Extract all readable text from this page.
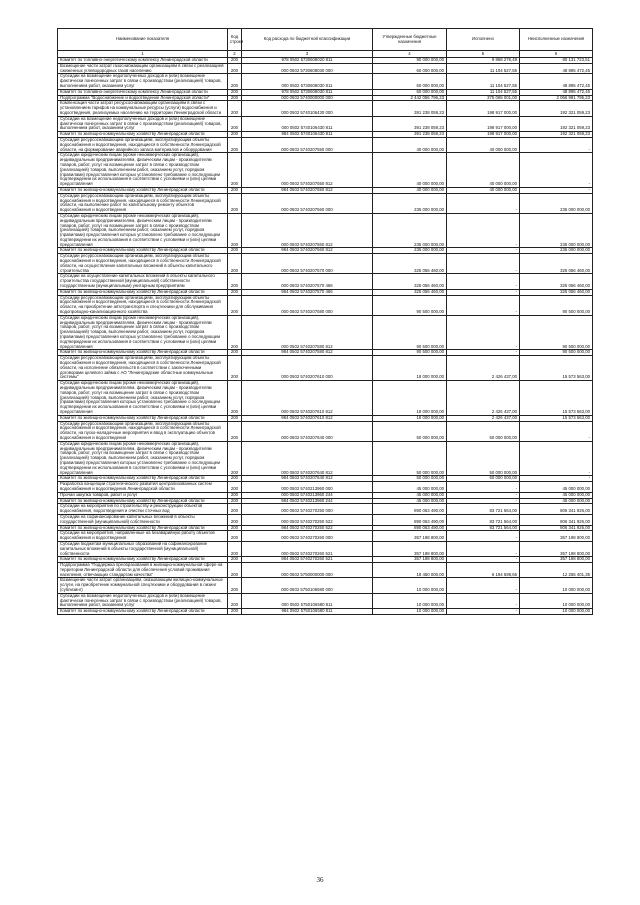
Наименование показателя	Код строки	Код расхода по бюджетной классификации	Утвержденные бюджетные назначения	Исполнено	Неисполненные назначения
1	2	3	4	5	6
Комитет по топливно-энергетическому комплексу Ленинградской области	200	978 0502 5730608020 811	90 000 000,00	9 868 276,49	80 131 723,51
Возмещение части затрат газоснабжающим организациям в связи с реализацией сжиженных углеводородных газов населению	200	000 0502 5730608030 000	60 000 000,00	11 104 527,55	48 895 472,45
Субсидии на возмещение недополученных доходов и (или) возмещение фактически понесенных затрат в связи с производством (реализацией) товаров, выполнением работ, оказанием услуг	200	000 0502 5730608030 811	60 000 000,00	11 104 527,55	48 895 472,45
Комитет по топливно-энергетическому комплексу Ленинградской области	200	978 0502 5730608030 811	60 000 000,00	11 104 527,55	48 895 472,45
Подпрограмма "Водоснабжение и водоотведение Ленинградской области"	200	000 0502 5740000000 000	2 442 056 796,23	375 065 001,00	2 066 991 795,23
Компенсация части затрат ресурсоснабжающим организациям в связи с установлением тарифов на коммунальные ресурсы (услуги) водоснабжения и водоотведения, реализуемых населению на территории Ленинградской области	200	000 0502 5740106430 000	391 238 059,23	198 917 000,00	192 321 059,23
Субсидии на возмещение недополученных доходов и (или) возмещение фактически понесенных затрат в связи с производством (реализацией) товаров, выполнением работ, оказанием услуг	200	000 0502 5740106430 811	391 238 059,23	198 917 000,00	192 321 059,23
Комитет по жилищно-коммунальному хозяйству Ленинградской области	200	984 0502 5740106430 811	391 238 059,23	198 917 000,00	192 321 059,23
Субсидия ресурсоснабжающим организациям, эксплуатирующим объекты водоснабжения и водоотведения, находящиеся в собственности Ленинградской области, на формирование аварийного запаса материалов и оборудования	200	000 0502 5740207550 000	40 000 000,00	40 000 000,00	-
Субсидии юридическим лицам (кроме некоммерческих организаций), индивидуальным предпринимателям, физическим лицам - производителям товаров, работ, услуг на возмещение затрат в связи с производством (реализацией) товаров, выполнением работ, оказанием услуг, порядком (правилами) предоставления которых установлено требование о последующем подтверждении их использования в соответствии с условиями и (или) целями предоставления	200	000 0502 5740207550 812	40 000 000,00	40 000 000,00	-
Комитет по жилищно-коммунальному хозяйству Ленинградской области	200	984 0502 5740207550 812	40 000 000,00	40 000 000,00	-
Субсидии ресурсоснабжающим организациям, эксплуатирующим объекты водоснабжения и водоотведения, находящиеся в собственности Ленинградской области, на выполнение работ по капитальному ремонту объектов водоснабжения и водоотведения	200	000 0502 5740207560 000	235 000 000,00	-	235 000 000,00
Субсидии юридическим лицам (кроме некоммерческих организаций), индивидуальным предпринимателям, физическим лицам - производителям товаров, работ, услуг на возмещение затрат в связи с производством (реализацией) товаров, выполнением работ, оказанием услуг, порядком (правилами) предоставления которых установлено требование о последующем подтверждении их использования в соответствии с условиями и (или) целями предоставления	200	000 0502 5740207560 812	235 000 000,00	-	235 000 000,00
Комитет по жилищно-коммунальному хозяйству Ленинградской области	200	984 0502 5740207560 812	235 000 000,00	-	235 000 000,00
Субсидии ресурсоснабжающим организациям, эксплуатирующим объекты водоснабжения и водоотведения, находящиеся в собственности Ленинградской области, на осуществление капитальных вложений в объекты капитального строительства	200	000 0502 5740207570 000	325 056 460,00	-	325 056 460,00
Субсидии на осуществление капитальных вложений в объекты капитального строительства государственной (муниципальной) собственности государственным (муниципальным) унитарным предприятиям	200	000 0502 5740207570 466	325 056 460,00	-	325 056 460,00
Комитет по жилищно-коммунальному хозяйству Ленинградской области	200	984 0502 5740207570 466	325 056 460,00	-	325 056 460,00
Субсидии ресурсоснабжающим организациям, эксплуатирующим объекты водоснабжения и водоотведения, находящиеся в собственности Ленинградской области, на приобретение автотранспорта и спецтехники для обслуживания водопроводно-канализационного хозяйства	200	000 0502 5740207580 000	90 500 000,00	-	90 500 000,00
Субсидии юридическим лицам (кроме некоммерческих организаций), индивидуальным предпринимателям, физическим лицам - производителям товаров, работ, услуг на возмещение затрат в связи с производством (реализацией) товаров, выполнением работ, оказанием услуг, порядком (правилами) предоставления которых установлено требование о последующем подтверждении их использования в соответствии с условиями и (или) целями предоставления	200	000 0502 5740207580 812	90 500 000,00	-	90 500 000,00
Комитет по жилищно-коммунальному хозяйству Ленинградской области	200	984 0502 5740207580 812	90 500 000,00	-	90 500 000,00
Субсидии ресурсоснабжающим организациям, эксплуатирующим объекты водоснабжения и водоотведения, находящиеся в собственности Ленинградской области, на исполнение обязательств в соответствии с заключенными договорами целевого займа с АО "Ленинградские областные коммунальные системы"	200	000 0502 5740207610 000	18 000 000,00	2 426 437,00	15 573 563,00
Субсидии юридическим лицам (кроме некоммерческих организаций), индивидуальным предпринимателям, физическим лицам - производителям товаров, работ, услуг на возмещение затрат в связи с производством (реализацией) товаров, выполнением работ, оказанием услуг, порядком (правилами) предоставления которых установлено требование о последующем подтверждении их использования в соответствии с условиями и (или) целями предоставления	200	000 0502 5740207610 812	18 000 000,00	2 426 437,00	15 573 563,00
Комитет по жилищно-коммунальному хозяйству Ленинградской области	200	984 0502 5740207610 812	18 000 000,00	2 426 437,00	15 573 563,00
Субсидии ресурсоснабжающим организациям, эксплуатирующим объекты водоснабжения и водоотведения, находящиеся в собственности Ленинградской области, на пуско-наладочные мероприятия и ввод в эксплуатацию объектов водоснабжения и водоотведения	200	000 0502 5740207640 000	50 000 000,00	50 000 000,00	-
Субсидии юридическим лицам (кроме некоммерческих организаций), индивидуальным предпринимателям, физическим лицам - производителям товаров, работ, услуг на возмещение затрат в связи с производством (реализацией) товаров, выполнением работ, оказанием услуг, порядком (правилами) предоставления которых установлено требование о последующем подтверждении их использования в соответствии с условиями и (или) целями предоставления	200	000 0502 5740207640 812	50 000 000,00	50 000 000,00	-
Комитет по жилищно-коммунальному хозяйству Ленинградской области	200	984 0502 5740207640 812	50 000 000,00	50 000 000,00	-
Разработка концепции стратегического развития централизованных систем водоснабжения и водоотведения Ленинградской области	200	000 0502 5740213960 000	45 000 000,00	-	45 000 000,00
Прочая закупка товаров, работ и услуг	200	000 0502 5740213960 244	45 000 000,00	-	45 000 000,00
Комитет по жилищно-коммунальному хозяйству Ленинградской области	200	984 0502 5740213960 244	45 000 000,00	-	45 000 000,00
Субсидии на мероприятия по строительству и реконструкции объектов водоснабжения, водоотведения и очистки сточных вод	200	000 0502 5740270250 000	890 063 490,00	83 721 564,00	806 341 926,00
Субсидии на софинансирование капитальных вложений в объекты государственной (муниципальной) собственности	200	000 0502 5740270250 522	890 063 490,00	83 721 564,00	806 341 926,00
Комитет по жилищно-коммунальному хозяйству Ленинградской области	200	984 0502 5740270250 522	890 063 490,00	83 721 564,00	806 341 926,00
Субсидии на мероприятия, направленные на безаварийную работу объектов водоснабжения и водоотведения	200	000 0502 5740270260 000	357 198 800,00	-	357 198 800,00
Субсидии бюджетам муниципальных образований на софинансирование капитальных вложений в объекты государственной (муниципальной) собственности	200	000 0502 5740270260 521	357 198 800,00	-	357 198 800,00
Комитет по жилищно-коммунальному хозяйству Ленинградской области	200	984 0502 5740270260 521	357 198 800,00	-	357 198 800,00
Подпрограмма "Поддержка преобразований в жилищно-коммунальной сфере на территории Ленинградской области для обеспечения условий проживания населения, отвечающих стандартам качества"	200	000 0502 5750000000 000	18 450 000,00	6 194 598,65	12 255 401,35
Возмещение части затрат организациям, оказывающим жилищно-коммунальные услуги, на приобретение коммунальной спецтехники и оборудования в лизинг (сублизинг)	200	000 0502 5750106580 000	10 000 000,00	-	10 000 000,00
Субсидии на возмещение недополученных доходов и (или) возмещение фактически понесенных затрат в связи с производством (реализацией) товаров, выполнением работ, оказанием услуг	200	000 0502 5750106580 811	10 000 000,00	-	10 000 000,00
Комитет по жилищно-коммунальному хозяйству Ленинградской области	200	984 0502 5750106580 811	10 000 000,00	-	10 000 000,00
36
